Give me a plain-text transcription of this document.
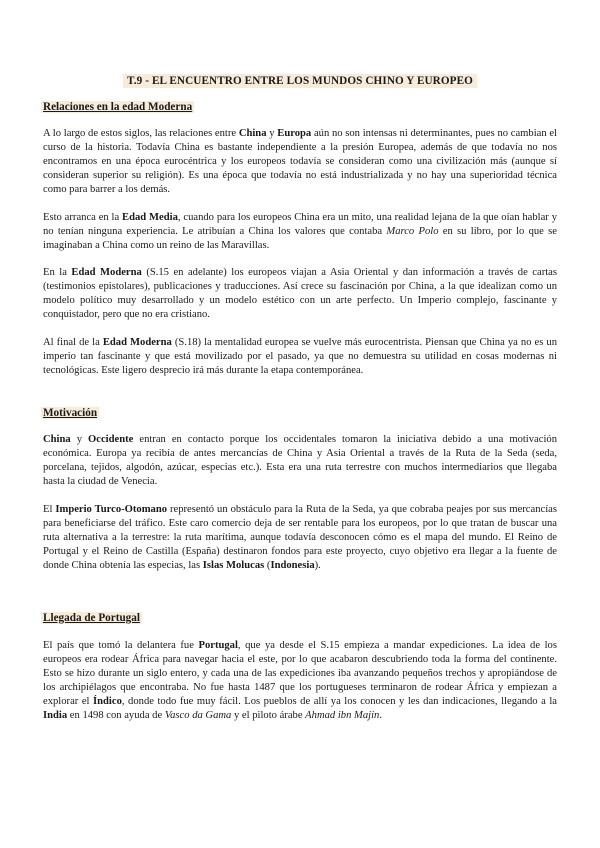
T.9 - EL ENCUENTRO ENTRE LOS MUNDOS CHINO Y EUROPEO
Relaciones en la edad Moderna

A lo largo de estos siglos, las relaciones entre China y Europa aún no son intensas ni determinantes, pues no cambian el curso de la historia. Todavía China es bastante independiente a la presión Europea, además de que todavía no nos encontramos en una época eurocéntrica y los europeos todavía se consideran como una civilización más (aunque sí consideran superior su religión). Es una época que todavía no está industrializada y no hay una superioridad técnica como para barrer a los demás.

Esto arranca en la Edad Media, cuando para los europeos China era un mito, una realidad lejana de la que oían hablar y no tenían ninguna experiencia. Le atribuían a China los valores que contaba Marco Polo en su libro, por lo que se imaginaban a China como un reino de las Maravillas.

En la Edad Moderna (S.15 en adelante) los europeos viajan a Asia Oriental y dan información a través de cartas (testimonios epistolares), publicaciones y traducciones. Así crece su fascinación por China, a la que idealizan como un modelo político muy desarrollado y un modelo estético con un arte perfecto. Un Imperio complejo, fascinante y conquistador, pero que no era cristiano.

Al final de la Edad Moderna (S.18) la mentalidad europea se vuelve más eurocentrista. Piensan que China ya no es un imperio tan fascinante y que está movilizado por el pasado, ya que no demuestra su utilidad en cosas modernas ni tecnológicas. Este ligero desprecio irá más durante la etapa contemporánea.

Motivación

China y Occidente entran en contacto porque los occidentales tomaron la iniciativa debido a una motivación económica. Europa ya recibía de antes mercancías de China y Asia Oriental a través de la Ruta de la Seda (seda, porcelana, tejidos, algodón, azúcar, especias etc.). Esta era una ruta terrestre con muchos intermediarios que llegaba hasta la ciudad de Venecia.

El Imperio Turco-Otomano representó un obstáculo para la Ruta de la Seda, ya que cobraba peajes por sus mercancías para beneficiarse del tráfico. Este caro comercio deja de ser rentable para los europeos, por lo que tratan de buscar una ruta alternativa a la terrestre: la ruta marítima, aunque todavía desconocen cómo es el mapa del mundo. El Reino de Portugal y el Reino de Castilla (España) destinaron fondos para este proyecto, cuyo objetivo era llegar a la fuente de donde China obtenía las especias, las Islas Molucas (Indonesia).

Llegada de Portugal

El país que tomó la delantera fue Portugal, que ya desde el S.15 empieza a mandar expediciones. La idea de los europeos era rodear África para navegar hacia el este, por lo que acabaron descubriendo toda la forma del continente. Esto se hizo durante un siglo entero, y cada una de las expediciones iba avanzando pequeños trechos y apropiándose de los archipiélagos que encontraba. No fue hasta 1487 que los portugueses terminaron de rodear África y empiezan a explorar el Índico, donde todo fue muy fácil. Los pueblos de allí ya los conocen y les dan indicaciones, llegando a la India en 1498 con ayuda de Vasco da Gama y el piloto árabe Ahmad ibn Majin.
